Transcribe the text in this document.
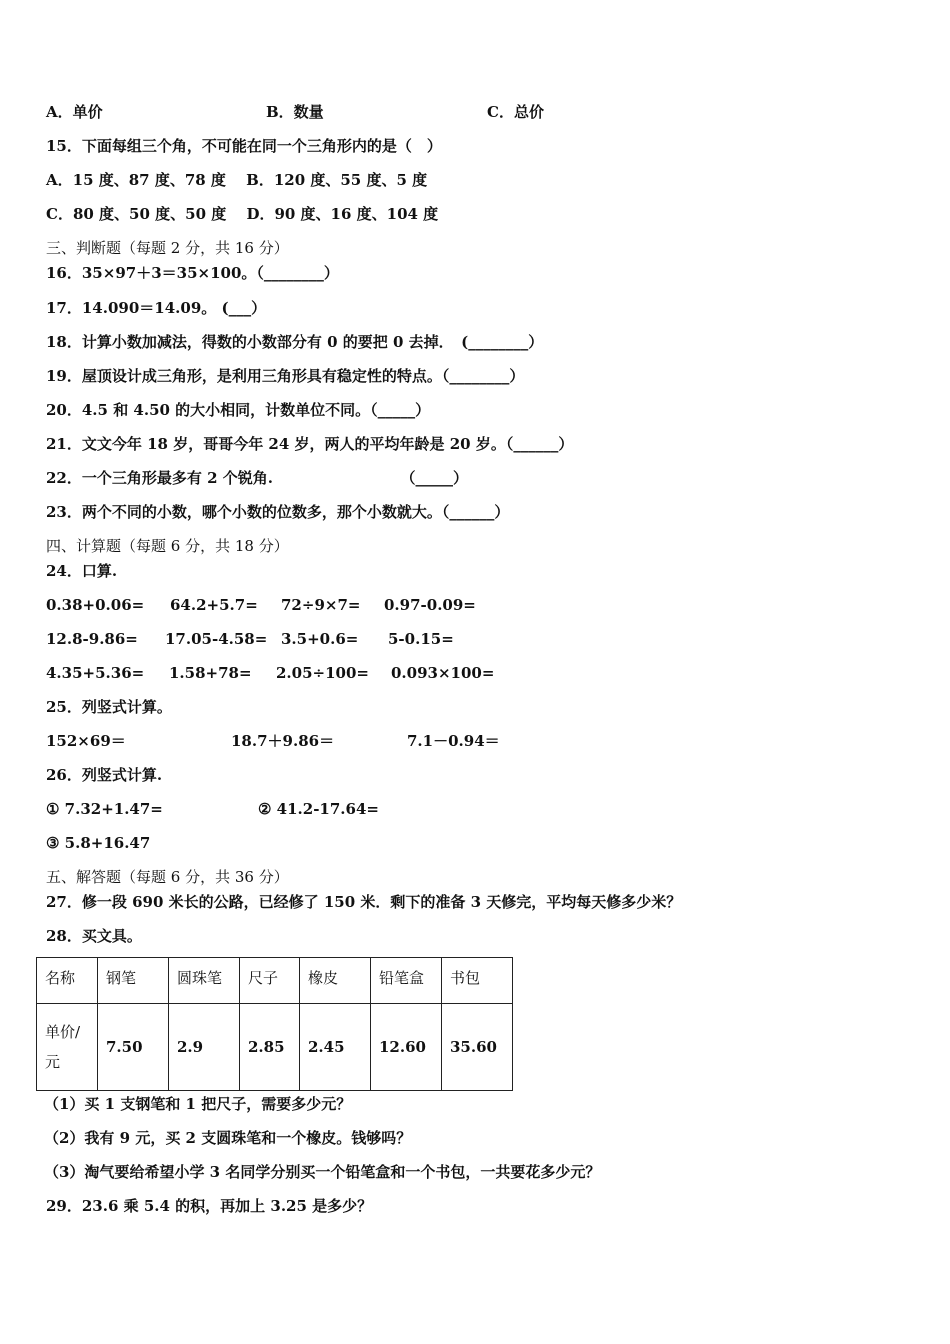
A．单价	B．数量	C．总价
15．下面每组三个角，不可能在同一个三角形内的是（　）
A．15 度、87 度、78 度　 B．120 度、55 度、5 度
C．80 度、50 度、50 度　 D．90 度、16 度、104 度
三、判断题（每题 2 分，共 16 分）
16．35×97＋3＝35×100。（________）
17．14.090＝14.09。 (___）
18．计算小数加减法，得数的小数部分有 0 的要把 0 去掉．　(________）
19．屋顶设计成三角形，是利用三角形具有稳定性的特点。（________）
20．4.5 和 4.50 的大小相同，计数单位不同。（_____）
21．文文今年 18 岁，哥哥今年 24 岁，两人的平均年龄是 20 岁。（______）
22．一个三角形最多有 2 个锐角.　　　　　　　　　（_____）
23．两个不同的小数，哪个小数的位数多，那个小数就大。（______）
四、计算题（每题 6 分，共 18 分）
24．口算.
0.38+0.06= 64.2+5.7= 72÷9×7= 0.97-0.09=
12.8-9.86= 17.05-4.58= 3.5+0.6= 5-0.15=
4.35+5.36= 1.58+78= 2.05÷100= 0.093×100=
25．列竖式计算。
152×69＝	18.7＋9.86＝	7.1－0.94＝
26．列竖式计算.
① 7.32+1.47=	② 41.2-17.64=
③ 5.8+16.47
五、解答题（每题 6 分，共 36 分）
27．修一段 690 米长的公路，已经修了 150 米．剩下的准备 3 天修完，平均每天修多少米？
28．买文具。
名称	钢笔	圆珠笔	尺子	橡皮	铅笔盒	书包

单价/
元	7.50	2.9	2.85	2.45	12.60	35.60
（1）买 1 支钢笔和 1 把尺子，需要多少元？
（2）我有 9 元，买 2 支圆珠笔和一个橡皮。钱够吗？
（3）淘气要给希望小学 3 名同学分别买一个铅笔盒和一个书包，一共要花多少元？
29．23.6 乘 5.4 的积，再加上 3.25 是多少？
